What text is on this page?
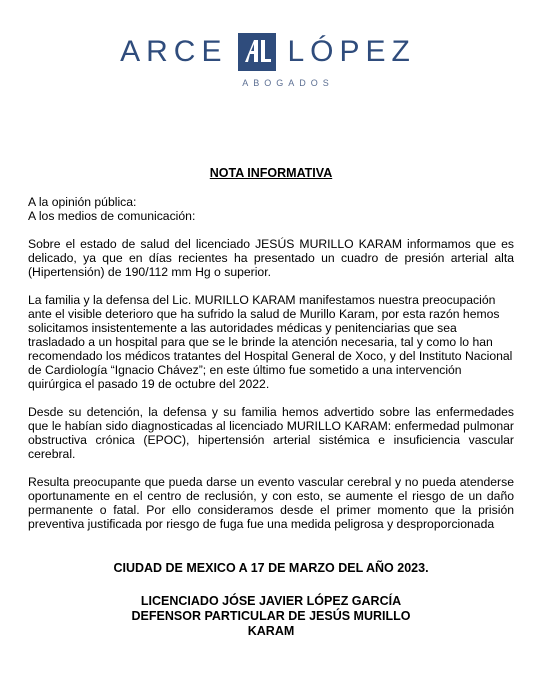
ARCE LÓPEZ
ABOGADOS
NOTA INFORMATIVA
A la opinión pública:
A los medios de comunicación:

Sobre el estado de salud del licenciado JESÚS MURILLO KARAM informamos que es delicado, ya que en días recientes ha presentado un cuadro de presión arterial alta (Hipertensión) de 190/112 mm Hg o superior.

La familia y la defensa del Lic. MURILLO KARAM manifestamos nuestra preocupación ante el visible deterioro que ha sufrido la salud de Murillo Karam, por esta razón hemos solicitamos insistentemente a las autoridades médicas y penitenciarias que sea trasladado a un hospital para que se le brinde la atención necesaria, tal y como lo han recomendado los médicos tratantes del Hospital General de Xoco, y del Instituto Nacional de Cardiología “Ignacio Chávez”; en este último fue sometido a una intervención quirúrgica el pasado 19 de octubre del 2022.

Desde su detención, la defensa y su familia hemos advertido sobre las enfermedades que le habían sido diagnosticadas al licenciado MURILLO KARAM: enfermedad pulmonar obstructiva crónica (EPOC), hipertensión arterial sistémica e insuficiencia vascular cerebral.

Resulta preocupante que pueda darse un evento vascular cerebral y no pueda atenderse oportunamente en el centro de reclusión, y con esto, se aumente el riesgo de un daño permanente o fatal. Por ello consideramos desde el primer momento que la prisión preventiva justificada por riesgo de fuga fue una medida peligrosa y desproporcionada

CIUDAD DE MEXICO A 17 DE MARZO DEL AÑO 2023.
LICENCIADO JÓSE JAVIER LÓPEZ GARCÍA
DEFENSOR PARTICULAR DE JESÚS MURILLO
KARAM
